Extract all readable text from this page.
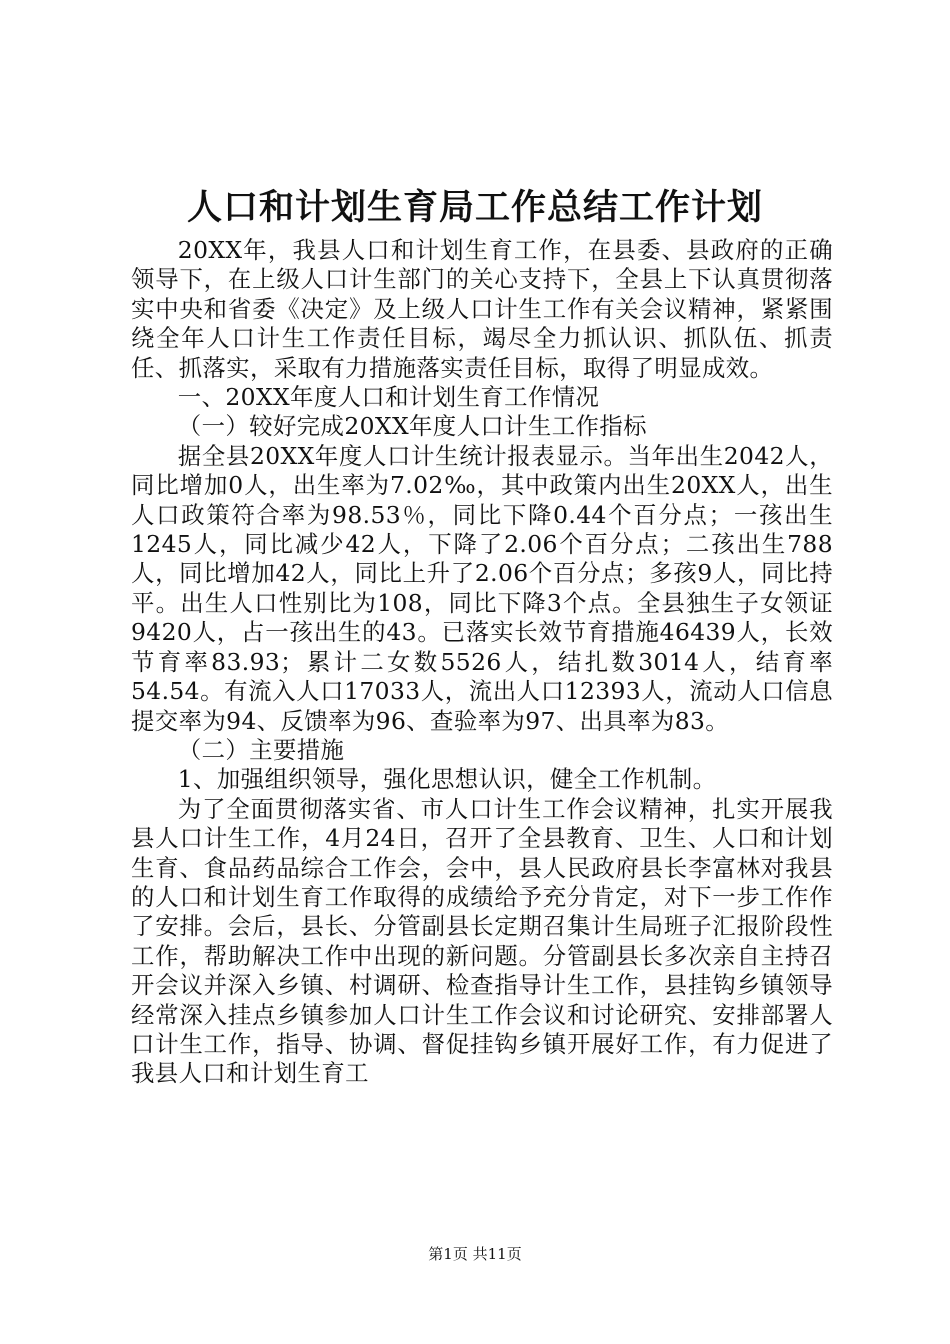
人口和计划生育局工作总结工作计划

20XX年，我县人口和计划生育工作，在县委、县政府的正确领导下，在上级人口计生部门的关心支持下，全县上下认真贯彻落实中央和省委《决定》及上级人口计生工作有关会议精神，紧紧围绕全年人口计生工作责任目标，竭尽全力抓认识、抓队伍、抓责任、抓落实，采取有力措施落实责任目标，取得了明显成效。

一、20XX年度人口和计划生育工作情况

（一）较好完成20XX年度人口计生工作指标

据全县20XX年度人口计生统计报表显示。当年出生2042人，同比增加0人，出生率为7.02‰，其中政策内出生20XX人，出生人口政策符合率为98.53％，同比下降0.44个百分点；一孩出生1245人，同比减少42人，下降了2.06个百分点；二孩出生788人，同比增加42人，同比上升了2.06个百分点；多孩9人，同比持平。出生人口性别比为108，同比下降3个点。全县独生子女领证9420人，占一孩出生的43。已落实长效节育措施46439人，长效节育率83.93；累计二女数5526人，结扎数3014人，结育率54.54。有流入人口17033人，流出人口12393人，流动人口信息提交率为94、反馈率为96、查验率为97、出具率为83。

（二）主要措施

1、加强组织领导，强化思想认识，健全工作机制。

为了全面贯彻落实省、市人口计生工作会议精神，扎实开展我县人口计生工作，4月24日，召开了全县教育、卫生、人口和计划生育、食品药品综合工作会，会中，县人民政府县长李富林对我县的人口和计划生育工作取得的成绩给予充分肯定，对下一步工作作了安排。会后，县长、分管副县长定期召集计生局班子汇报阶段性工作，帮助解决工作中出现的新问题。分管副县长多次亲自主持召开会议并深入乡镇、村调研、检查指导计生工作，县挂钩乡镇领导经常深入挂点乡镇参加人口计生工作会议和讨论研究、安排部署人口计生工作，指导、协调、督促挂钩乡镇开展好工作，有力促进了我县人口和计划生育工

第1页 共11页
